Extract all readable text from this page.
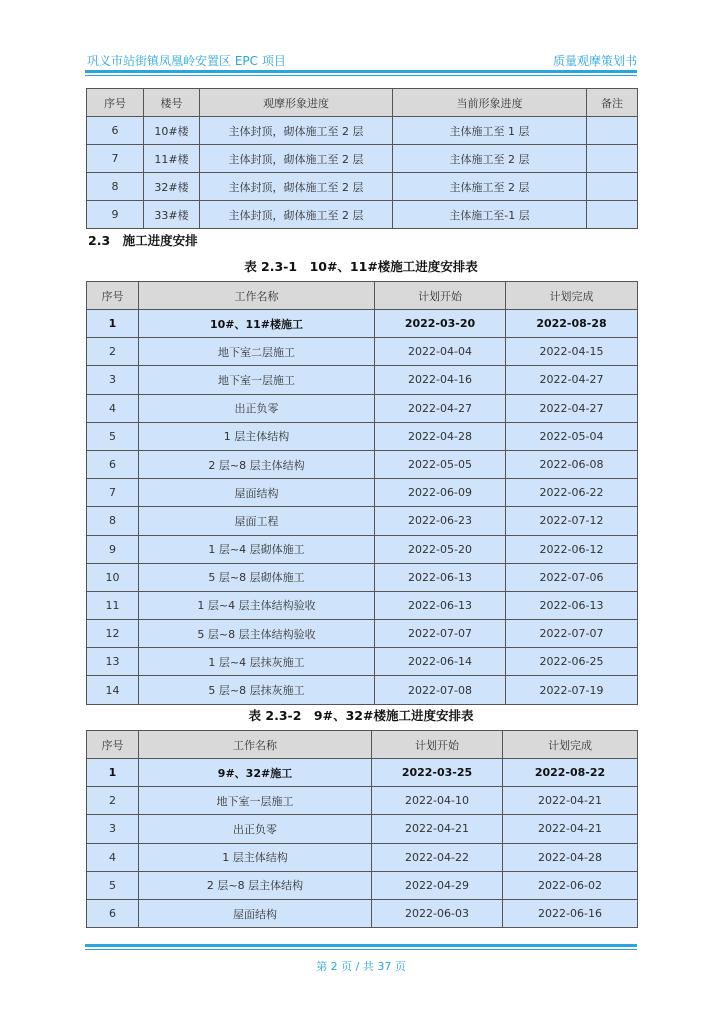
巩义市站街镇凤凰岭安置区 EPC 项目	质量观摩策划书
序号	楼号	观摩形象进度	当前形象进度	备注
6	10#楼	主体封顶，砌体施工至 2 层	主体施工至 1 层	
7	11#楼	主体封顶，砌体施工至 2 层	主体施工至 2 层	
8	32#楼	主体封顶，砌体施工至 2 层	主体施工至 2 层	
9	33#楼	主体封顶，砌体施工至 2 层	主体施工至-1 层	
2.3　施工进度安排
表 2.3-1　10#、11#楼施工进度安排表
序号	工作名称	计划开始	计划完成
1	10#、11#楼施工	2022-03-20	2022-08-28
2	地下室二层施工	2022-04-04	2022-04-15
3	地下室一层施工	2022-04-16	2022-04-27
4	出正负零	2022-04-27	2022-04-27
5	1 层主体结构	2022-04-28	2022-05-04
6	2 层~8 层主体结构	2022-05-05	2022-06-08
7	屋面结构	2022-06-09	2022-06-22
8	屋面工程	2022-06-23	2022-07-12
9	1 层~4 层砌体施工	2022-05-20	2022-06-12
10	5 层~8 层砌体施工	2022-06-13	2022-07-06
11	1 层~4 层主体结构验收	2022-06-13	2022-06-13
12	5 层~8 层主体结构验收	2022-07-07	2022-07-07
13	1 层~4 层抹灰施工	2022-06-14	2022-06-25
14	5 层~8 层抹灰施工	2022-07-08	2022-07-19
表 2.3-2　9#、32#楼施工进度安排表
序号	工作名称	计划开始	计划完成
1	9#、32#施工	2022-03-25	2022-08-22
2	地下室一层施工	2022-04-10	2022-04-21
3	出正负零	2022-04-21	2022-04-21
4	1 层主体结构	2022-04-22	2022-04-28
5	2 层~8 层主体结构	2022-04-29	2022-06-02
6	屋面结构	2022-06-03	2022-06-16
第 2 页 / 共 37 页
